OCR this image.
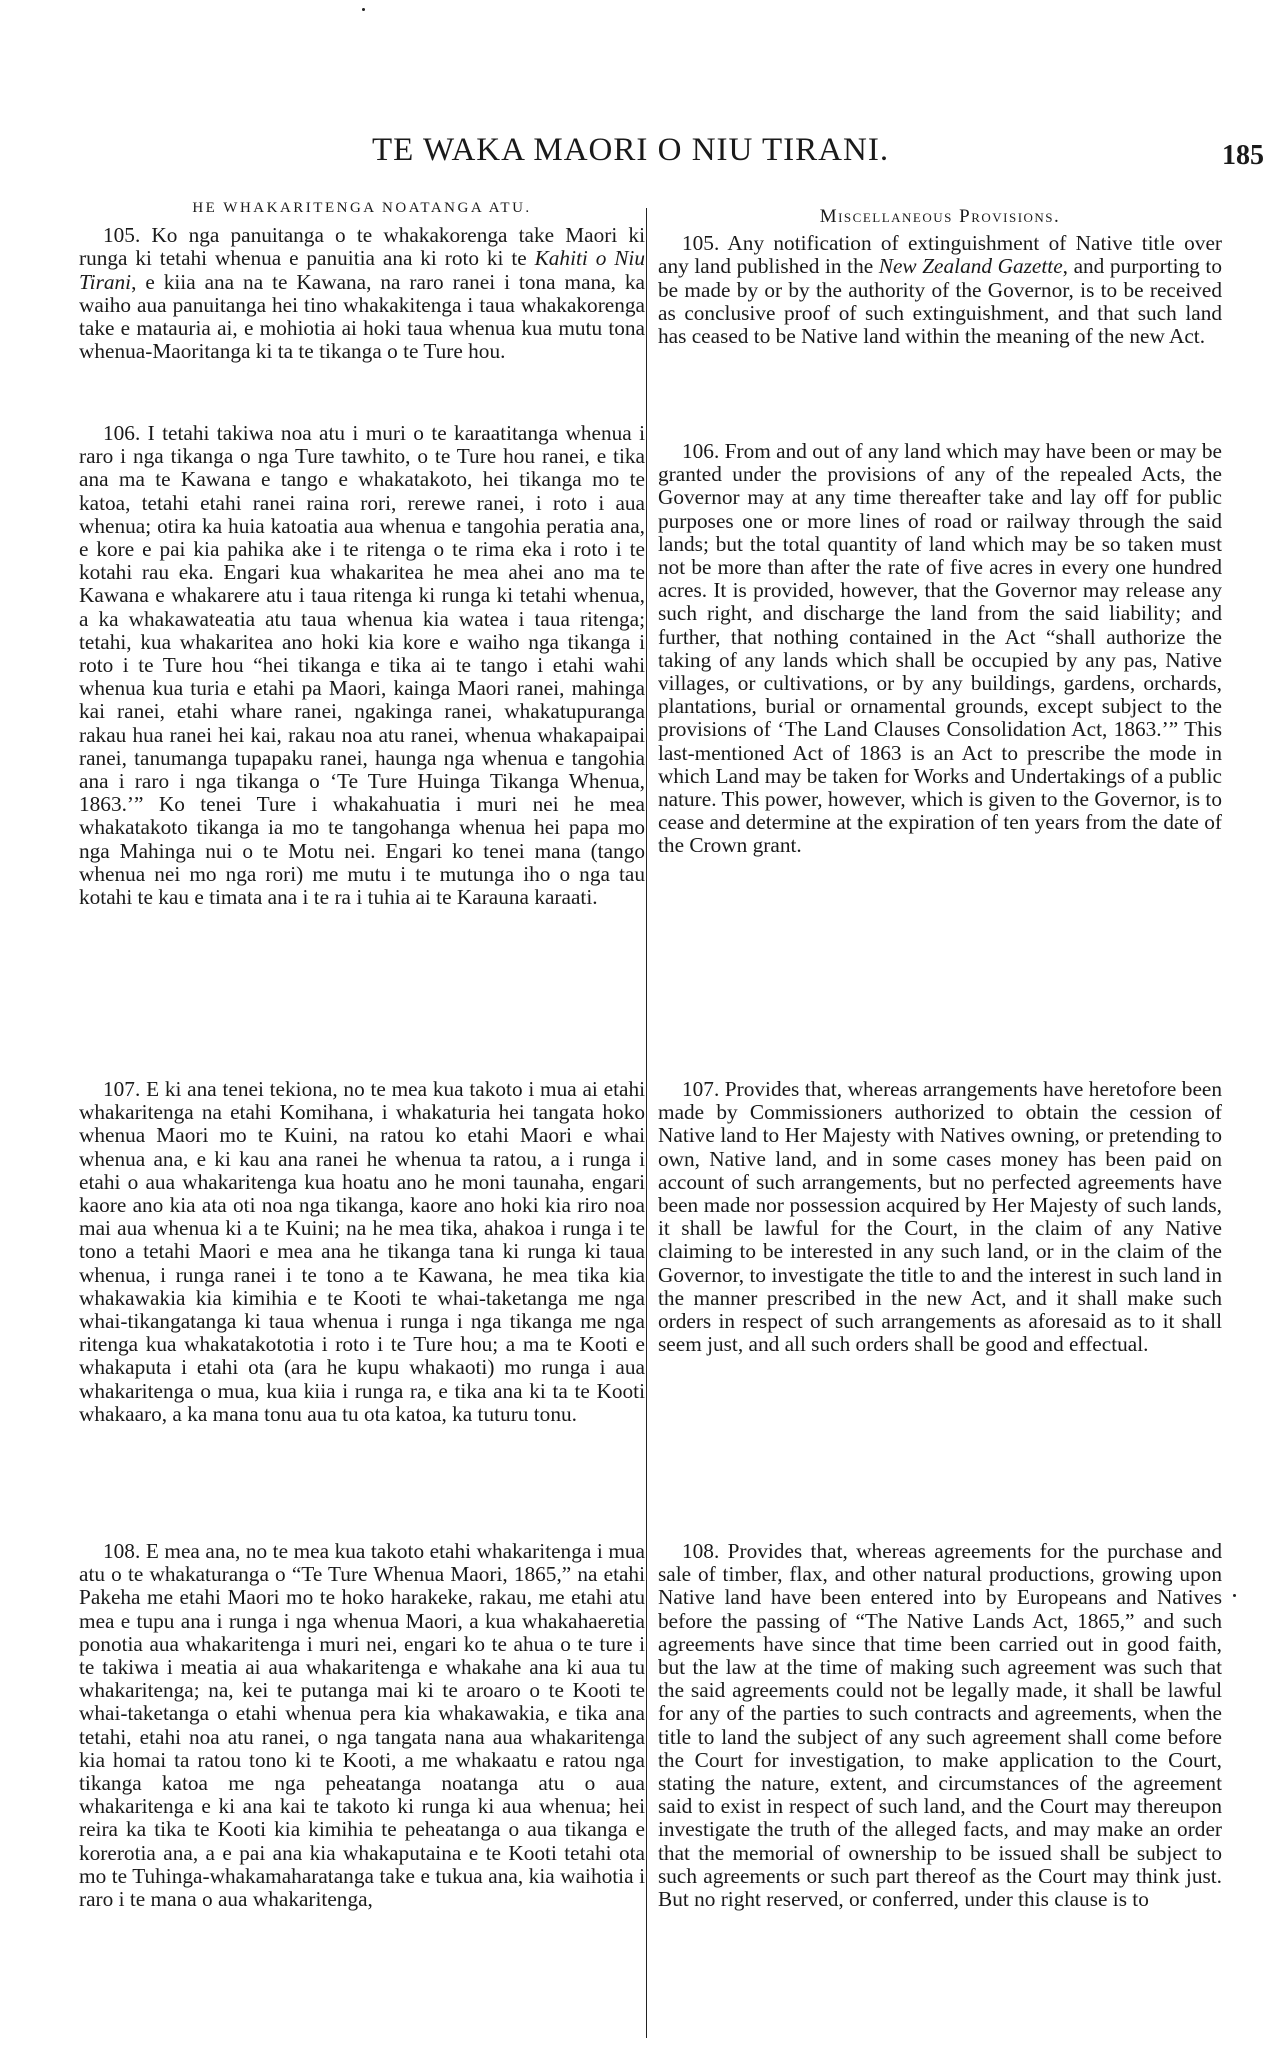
TE WAKA MAORI O NIU TIRANI.	185

HE WHAKARITENGA NOATANGA ATU.

105. Ko nga panuitanga o te whakakorenga take Maori ki runga ki tetahi whenua e panuitia ana ki roto ki te Kahiti o Niu Tirani, e kiia ana na te Kawana, na raro ranei i tona mana, ka waiho aua panuitanga hei tino whakakitenga i taua whakakorenga take e matauria ai, e mohiotia ai hoki taua whenua kua mutu tona whenua-Maoritanga ki ta te tikanga o te Ture hou.

106. I tetahi takiwa noa atu i muri o te karaatitanga whenua i raro i nga tikanga o nga Ture tawhito, o te Ture hou ranei, e tika ana ma te Kawana e tango e whakatakoto, hei tikanga mo te katoa, tetahi etahi ranei raina rori, rerewe ranei, i roto i aua whenua; otira ka huia katoatia aua whenua e tangohia peratia ana, e kore e pai kia pahika ake i te ritenga o te rima eka i roto i te kotahi rau eka. Engari kua whakaritea he mea ahei ano ma te Kawana e whakarere atu i taua ritenga ki runga ki tetahi whenua, a ka whakawateatia atu taua whenua kia watea i taua ritenga; tetahi, kua whakaritea ano hoki kia kore e waiho nga tikanga i roto i te Ture hou “hei tikanga e tika ai te tango i etahi wahi whenua kua turia e etahi pa Maori, kainga Maori ranei, mahinga kai ranei, etahi whare ranei, ngakinga ranei, whakatupuranga rakau hua ranei hei kai, rakau noa atu ranei, whenua whakapaipai ranei, tanumanga tupapaku ranei, haunga nga whenua e tangohia ana i raro i nga tikanga o ‘Te Ture Huinga Tikanga Whenua, 1863.’” Ko tenei Ture i whakahuatia i muri nei he mea whakatakoto tikanga ia mo te tangohanga whenua hei papa mo nga Mahinga nui o te Motu nei. Engari ko tenei mana (tango whenua nei mo nga rori) me mutu i te mutunga iho o nga tau kotahi te kau e timata ana i te ra i tuhia ai te Karauna karaati.

107. E ki ana tenei tekiona, no te mea kua takoto i mua ai etahi whakaritenga na etahi Komihana, i whakaturia hei tangata hoko whenua Maori mo te Kuini, na ratou ko etahi Maori e whai whenua ana, e ki kau ana ranei he whenua ta ratou, a i runga i etahi o aua whakaritenga kua hoatu ano he moni taunaha, engari kaore ano kia ata oti noa nga tikanga, kaore ano hoki kia riro noa mai aua whenua ki a te Kuini; na he mea tika, ahakoa i runga i te tono a tetahi Maori e mea ana he tikanga tana ki runga ki taua whenua, i runga ranei i te tono a te Kawana, he mea tika kia whakawakia kia kimihia e te Kooti te whai-taketanga me nga whai-tikangatanga ki taua whenua i runga i nga tikanga me nga ritenga kua whakatakototia i roto i te Ture hou; a ma te Kooti e whakaputa i etahi ota (ara he kupu whakaoti) mo runga i aua whakaritenga o mua, kua kiia i runga ra, e tika ana ki ta te Kooti whakaaro, a ka mana tonu aua tu ota katoa, ka tuturu tonu.

108. E mea ana, no te mea kua takoto etahi whakaritenga i mua atu o te whakaturanga o “Te Ture Whenua Maori, 1865,” na etahi Pakeha me etahi Maori mo te hoko harakeke, rakau, me etahi atu mea e tupu ana i runga i nga whenua Maori, a kua whakahaeretia ponotia aua whakaritenga i muri nei, engari ko te ahua o te ture i te takiwa i meatia ai aua whakaritenga e whakahe ana ki aua tu whakaritenga; na, kei te putanga mai ki te aroaro o te Kooti te whai-taketanga o etahi whenua pera kia whakawakia, e tika ana tetahi, etahi noa atu ranei, o nga tangata nana aua whakaritenga kia homai ta ratou tono ki te Kooti, a me whakaatu e ratou nga tikanga katoa me nga peheatanga noatanga atu o aua whakaritenga e ki ana kai te takoto ki runga ki aua whenua; hei reira ka tika te Kooti kia kimihia te peheatanga o aua tikanga e korerotia ana, a e pai ana kia whakaputaina e te Kooti tetahi ota mo te Tuhinga-whakamaharatanga take e tukua ana, kia waihotia i raro i te mana o aua whakaritenga,

Miscellaneous Provisions.

105. Any notification of extinguishment of Native title over any land published in the New Zealand Gazette, and purporting to be made by or by the authority of the Governor, is to be received as conclusive proof of such extinguishment, and that such land has ceased to be Native land within the meaning of the new Act.

106. From and out of any land which may have been or may be granted under the provisions of any of the repealed Acts, the Governor may at any time thereafter take and lay off for public purposes one or more lines of road or railway through the said lands; but the total quantity of land which may be so taken must not be more than after the rate of five acres in every one hundred acres. It is provided, however, that the Governor may release any such right, and discharge the land from the said liability; and further, that nothing contained in the Act “shall authorize the taking of any lands which shall be occupied by any pas, Native villages, or cultivations, or by any buildings, gardens, orchards, plantations, burial or ornamental grounds, except subject to the provisions of ‘The Land Clauses Consolidation Act, 1863.’” This last-mentioned Act of 1863 is an Act to prescribe the mode in which Land may be taken for Works and Undertakings of a public nature. This power, however, which is given to the Governor, is to cease and determine at the expiration of ten years from the date of the Crown grant.

107. Provides that, whereas arrangements have heretofore been made by Commissioners authorized to obtain the cession of Native land to Her Majesty with Natives owning, or pretending to own, Native land, and in some cases money has been paid on account of such arrangements, but no perfected agreements have been made nor possession acquired by Her Majesty of such lands, it shall be lawful for the Court, in the claim of any Native claiming to be interested in any such land, or in the claim of the Governor, to investigate the title to and the interest in such land in the manner prescribed in the new Act, and it shall make such orders in respect of such arrangements as aforesaid as to it shall seem just, and all such orders shall be good and effectual.

108. Provides that, whereas agreements for the purchase and sale of timber, flax, and other natural productions, growing upon Native land have been entered into by Europeans and Natives before the passing of “The Native Lands Act, 1865,” and such agreements have since that time been carried out in good faith, but the law at the time of making such agreement was such that the said agreements could not be legally made, it shall be lawful for any of the parties to such contracts and agreements, when the title to land the subject of any such agreement shall come before the Court for investigation, to make application to the Court, stating the nature, extent, and circumstances of the agreement said to exist in respect of such land, and the Court may thereupon investigate the truth of the alleged facts, and may make an order that the memorial of ownership to be issued shall be subject to such agreements or such part thereof as the Court may think just. But no right reserved, or conferred, under this clause is to
